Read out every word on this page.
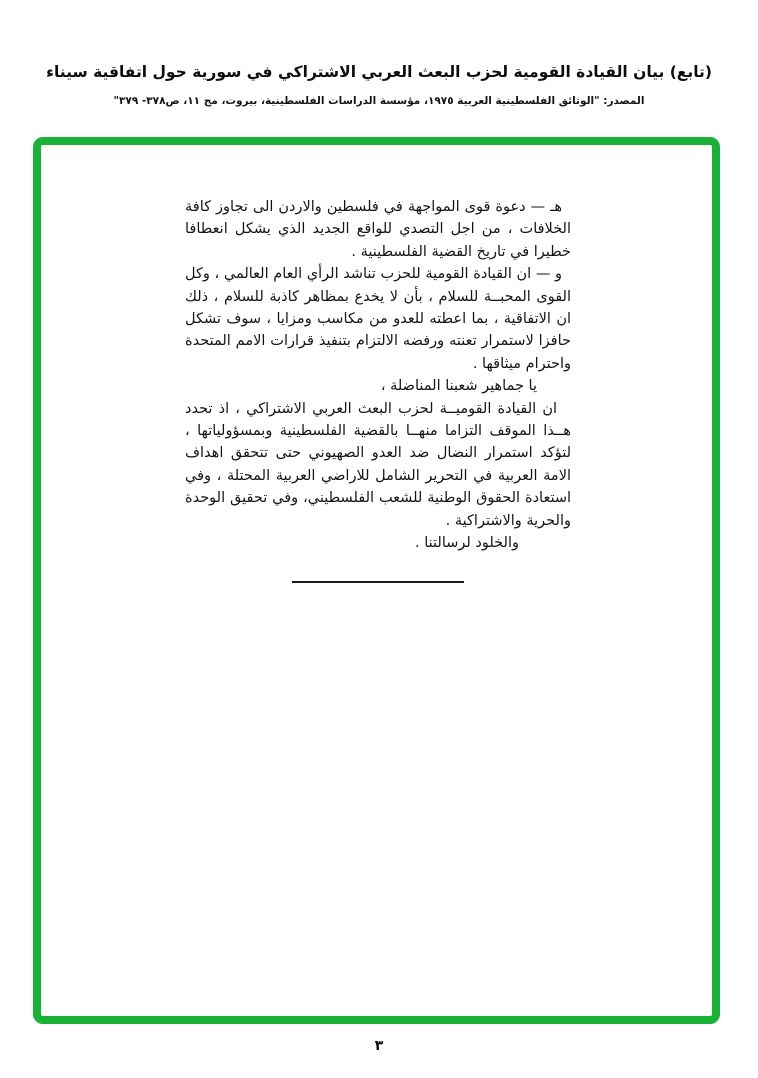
(تابع) بيان القيادة القومية لحزب البعث العربي الاشتراكي في سورية حول اتفاقية سيناء
المصدر: "الوثائق الفلسطينية العربية ١٩٧٥، مؤسسة الدراسات الفلسطينية، بيروت، مج ١١، ص٣٧٨- ٣٧٩"

هـ — دعوة قوى المواجهة في فلسطين والاردن الى تجاوز كافة الخلافات ، من اجل التصدي للواقع الجديد الذي يشكل انعطافا خطيرا في تاريخ القضية الفلسطينية .

و — ان القيادة القومية للحزب تناشد الرأي العام العالمي ، وكل القوى المحبــة للسلام ، بأن لا يخدع بمظاهر كاذبة للسلام ، ذلك ان الاتفاقية ، بما اعطته للعدو من مكاسب ومزايا ، سوف تشكل حافزا لاستمرار تعنته ورفضه الالتزام بتنفيذ قرارات الامم المتحدة واحترام ميثاقها .

يا جماهير شعبنا المناضلة ،

ان القيادة القوميــة لحزب البعث العربي الاشتراكي ، اذ تحدد هــذا الموقف التزاما منهــا بالقضية الفلسطينية وبمسؤولياتها ، لتؤكد استمرار النضال ضد العدو الصهيوني حتى تتحقق اهداف الامة العربية في التحرير الشامل للاراضي العربية المحتلة ، وفي استعادة الحقوق الوطنية للشعب الفلسطيني، وفي تحقيق الوحدة والحرية والاشتراكية .

والخلود لرسالتنا .

٣
